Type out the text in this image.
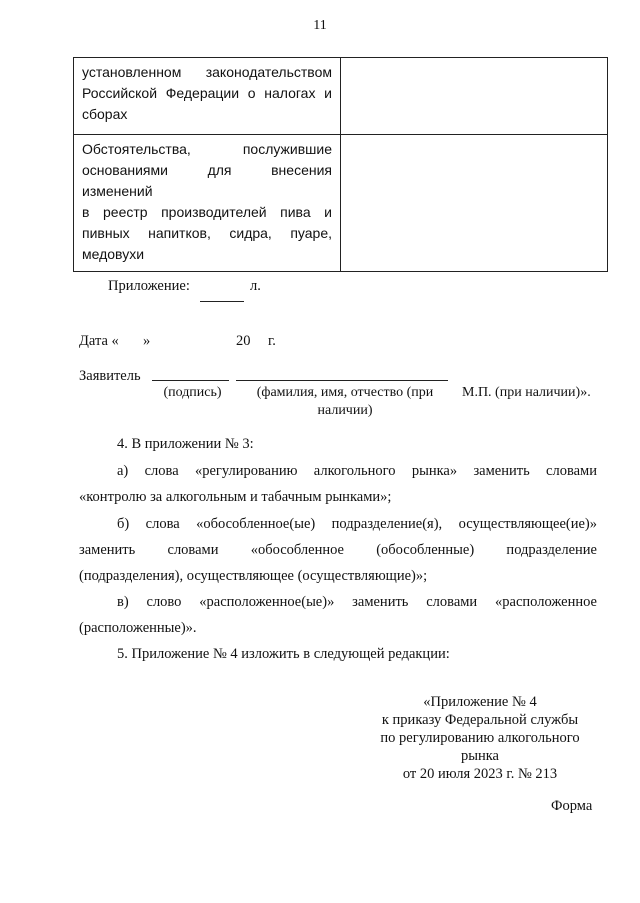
11
установленном законодательством
Российской Федерации о налогах и
сборах	

Обстоятельства, послужившие
основаниями для внесения изменений
в реестр производителей пива и
пивных напитков, сидра, пуаре,
медовухи	

Приложение:	л.
Дата « »	20 г.
Заявитель
(подпись)	(фамилия, имя, отчество (при
наличии)
М.П. (при наличии)».
4. В приложении № 3:
а) слова «регулированию алкогольного рынка» заменить словами
«контролю за алкогольным и табачным рынками»;
б) слова «обособленное(ые) подразделение(я), осуществляющее(ие)»
заменить словами «обособленное (обособленные) подразделение
(подразделения), осуществляющее (осуществляющие)»;
в) слово «расположенное(ые)» заменить словами «расположенное
(расположенные)».
5. Приложение № 4 изложить в следующей редакции:
«Приложение № 4
к приказу Федеральной службы
по регулированию алкогольного
рынка
от 20 июля 2023 г. № 213
Форма
